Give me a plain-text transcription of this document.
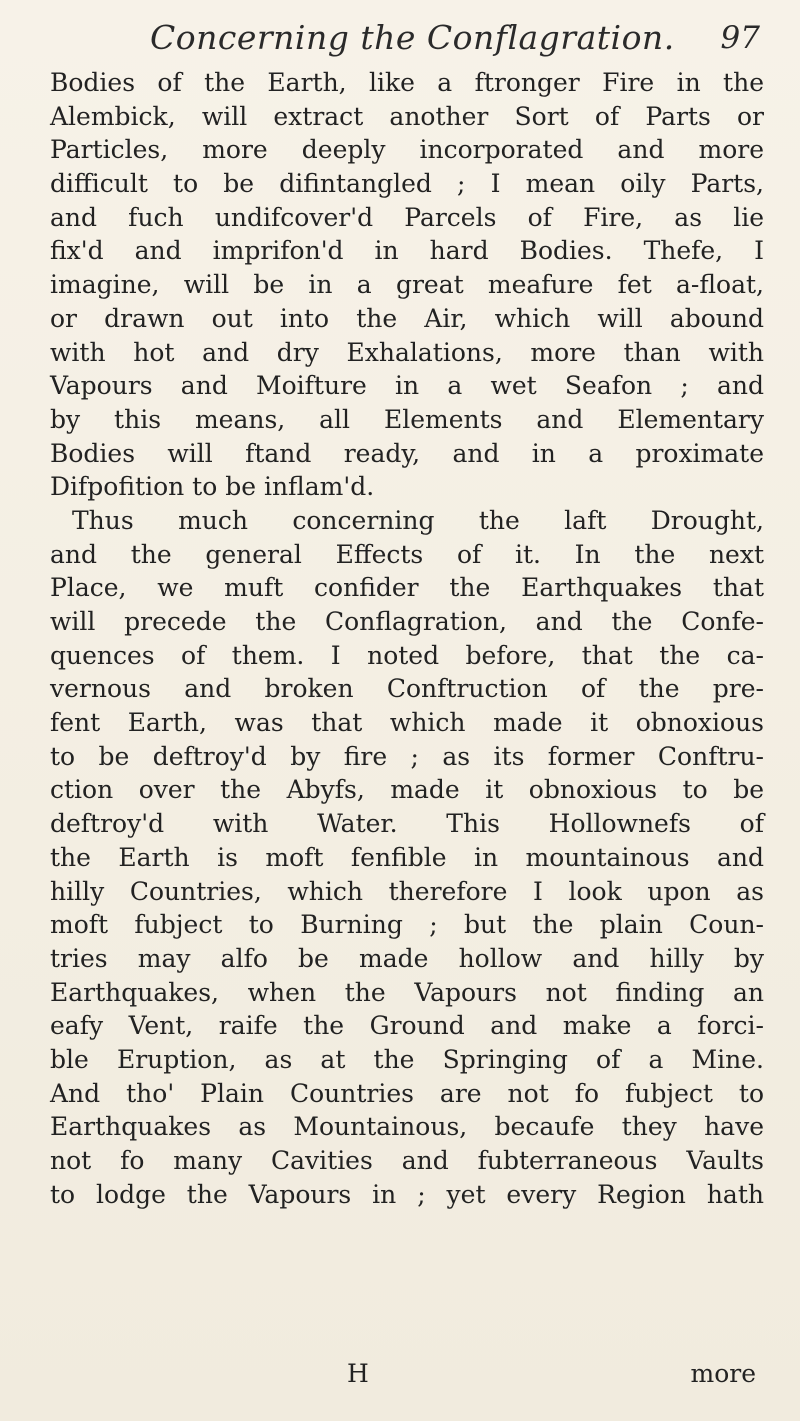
Concerning the Conflagration. 97
Bodies of the Earth, like a ftronger Fire in the
Alembick, will extract another Sort of Parts or
Particles, more deeply incorporated and more
difficult to be difintangled ; I mean oily Parts,
and fuch undifcover'd Parcels of Fire, as lie
fix'd and imprifon'd in hard Bodies. Thefe, I
imagine, will be in a great meafure fet a-float,
or drawn out into the Air, which will abound
with hot and dry Exhalations, more than with
Vapours and Moifture in a wet Seafon ; and
by this means, all Elements and Elementary
Bodies will ftand ready, and in a proximate
Difpofition to be inflam'd.
Thus much concerning the laft Drought,
and the general Effects of it. In the next
Place, we muft confider the Earthquakes that
will precede the Conflagration, and the Confe-
quences of them. I noted before, that the ca-
vernous and broken Conftruction of the pre-
fent Earth, was that which made it obnoxious
to be deftroy'd by fire ; as its former Conftru-
ction over the Abyfs, made it obnoxious to be
deftroy'd with Water. This Hollownefs of
the Earth is moft fenfible in mountainous and
hilly Countries, which therefore I look upon as
moft fubject to Burning ; but the plain Coun-
tries may alfo be made hollow and hilly by
Earthquakes, when the Vapours not finding an
eafy Vent, raife the Ground and make a forci-
ble Eruption, as at the Springing of a Mine.
And tho' Plain Countries are not fo fubject to
Earthquakes as Mountainous, becaufe they have
not fo many Cavities and fubterraneous Vaults
to lodge the Vapours in ; yet every Region hath
H	more
